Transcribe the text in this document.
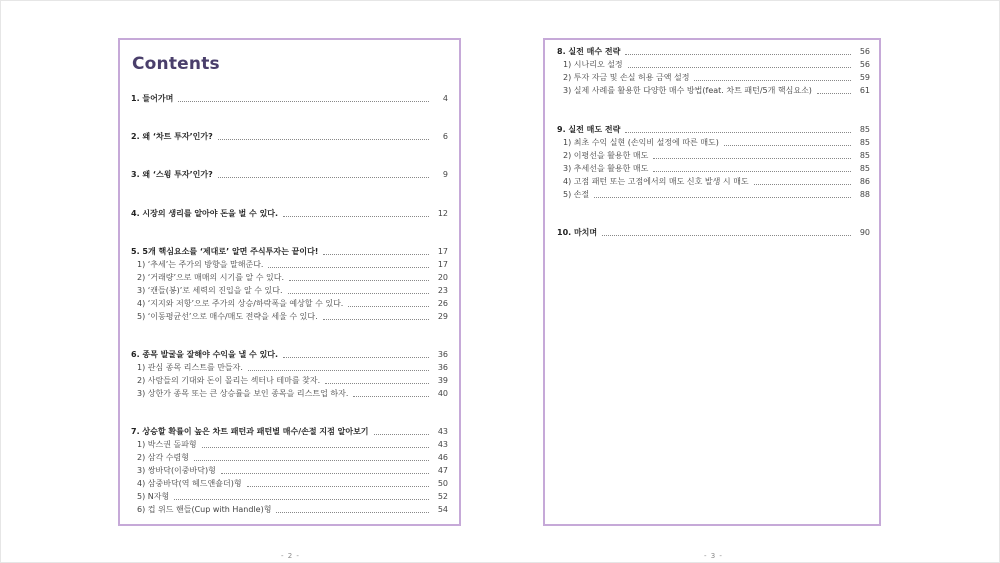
Contents
1. 들어가며	4
2. 왜 ‘차트 투자’인가?	6
3. 왜 ‘스윙 투자’인가?	9
4. 시장의 생리를 알아야 돈을 벌 수 있다.	12
5. 5개 핵심요소를 ‘제대로’ 알면 주식투자는 끝이다!	17
1) ‘추세’는 주가의 방향을 말해준다.	17
2) ‘거래량’으로 매매의 시기를 알 수 있다.	20
3) ‘캔들(봉)’로 세력의 진입을 알 수 있다.	23
4) ‘지지와 저항’으로 주가의 상승/하락폭을 예상할 수 있다.	26
5) ‘이동평균선’으로 매수/매도 전략을 세울 수 있다.	29
6. 종목 발굴을 잘해야 수익을 낼 수 있다.	36
1) 관심 종목 리스트를 만들자.	36
2) 사람들의 기대와 돈이 몰리는 섹터나 테마를 찾자.	39
3) 상한가 종목 또는 큰 상승률을 보인 종목을 리스트업 하자.	40
7. 상승할 확률이 높은 차트 패턴과 패턴별 매수/손절 지점 알아보기	43
1) 박스권 돌파형	43
2) 삼각 수렴형	46
3) 쌍바닥(이중바닥)형	47
4) 삼중바닥(역 헤드앤숄더)형	50
5) N자형	52
6) 컵 위드 핸들(Cup with Handle)형	54
8. 실전 매수 전략	56
1) 시나리오 설정	56
2) 투자 자금 및 손실 허용 금액 설정	59
3) 실제 사례를 활용한 다양한 매수 방법(feat. 차트 패턴/5개 핵심요소)	61
9. 실전 매도 전략	85
1) 최초 수익 실현 (손익비 설정에 따른 매도)	85
2) 이평선을 활용한 매도	85
3) 추세선을 활용한 매도	85
4) 고점 패턴 또는 고점에서의 매도 신호 발생 시 매도	86
5) 손절	88
10. 마치며	90
- 2 -	- 3 -
